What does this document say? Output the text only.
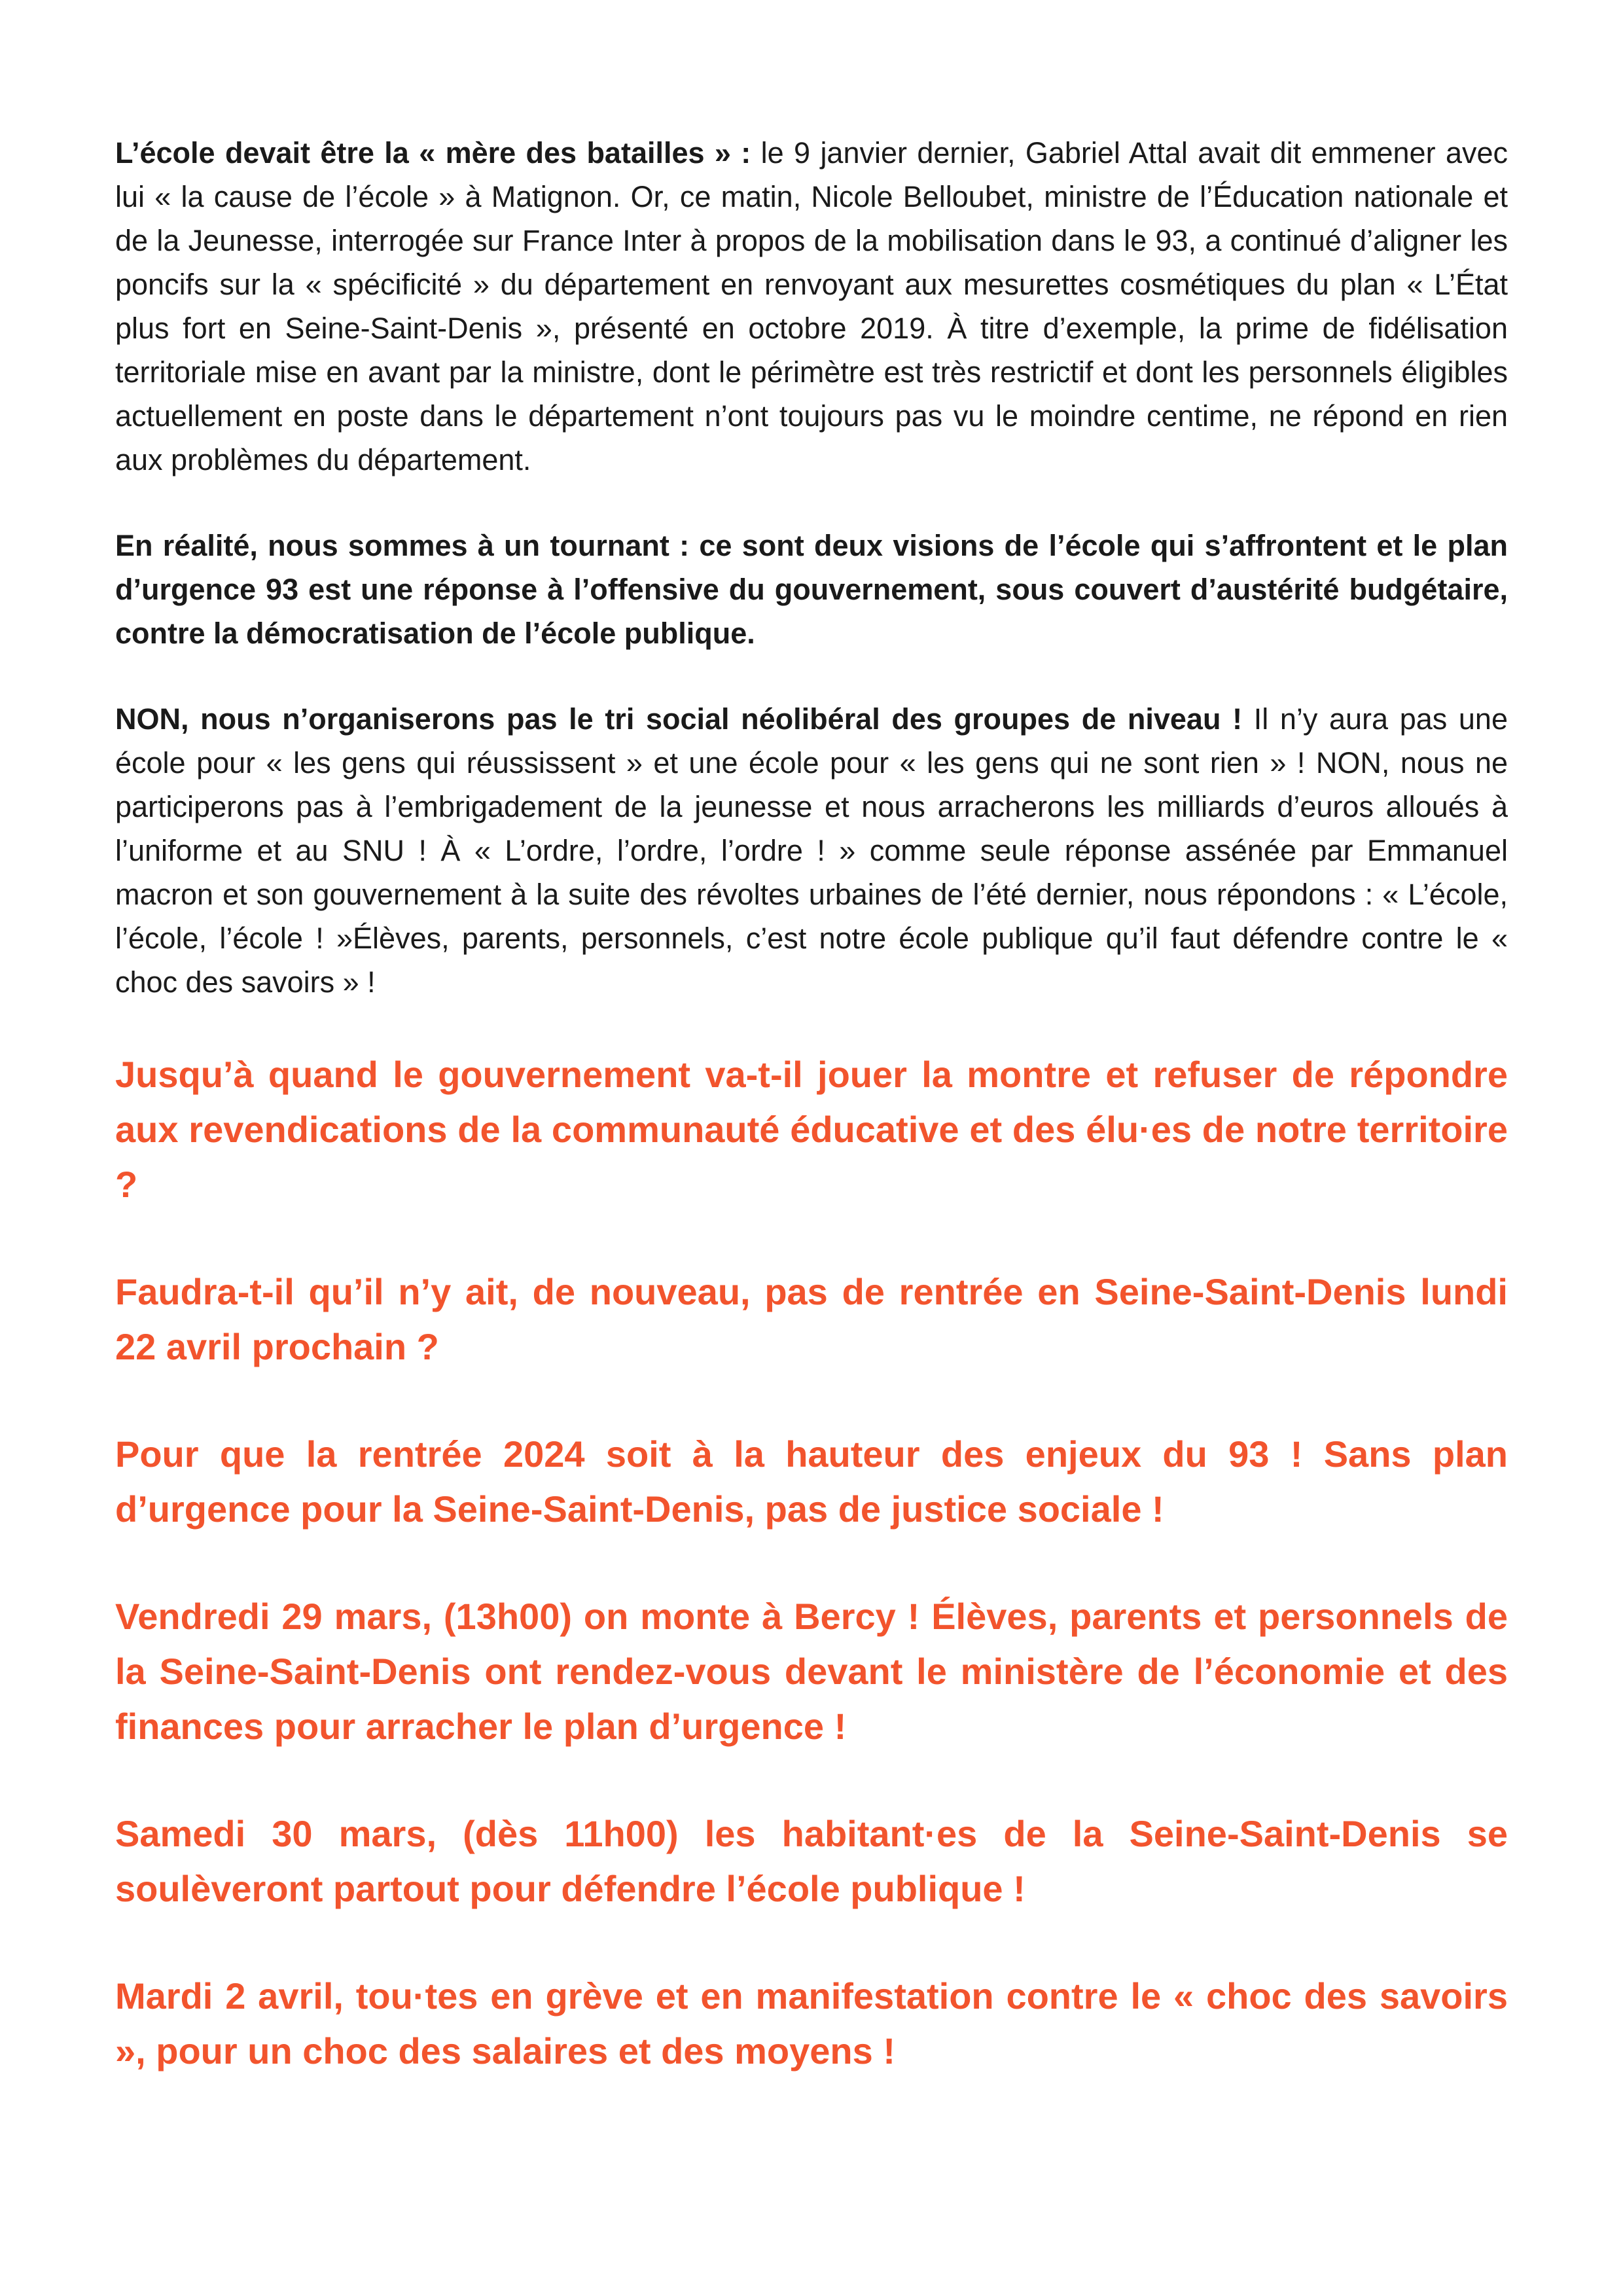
L’école devait être la « mère des batailles » : le 9 janvier dernier, Gabriel Attal avait dit emmener avec lui « la cause de l’école » à Matignon. Or, ce matin, Nicole Belloubet, ministre de l’Éducation nationale et de la Jeunesse, interrogée sur France Inter à propos de la mobilisation dans le 93, a continué d’aligner les poncifs sur la « spécificité » du département en renvoyant aux mesurettes cosmétiques du plan « L’État plus fort en Seine-Saint-Denis », présenté en octobre 2019. À titre d’exemple, la prime de fidélisation territoriale mise en avant par la ministre, dont le périmètre est très restrictif et dont les personnels éligibles actuellement en poste dans le département n’ont toujours pas vu le moindre centime, ne répond en rien aux problèmes du département.

En réalité, nous sommes à un tournant : ce sont deux visions de l’école qui s’affrontent et le plan d’urgence 93 est une réponse à l’offensive du gouvernement, sous couvert d’austérité budgétaire, contre la démocratisation de l’école publique.

NON, nous n’organiserons pas le tri social néolibéral des groupes de niveau ! Il n’y aura pas une école pour « les gens qui réussissent » et une école pour « les gens qui ne sont rien » ! NON, nous ne participerons pas à l’embrigadement de la jeunesse et nous arracherons les milliards d’euros alloués à l’uniforme et au SNU ! À « L’ordre, l’ordre, l’ordre ! » comme seule réponse assénée par Emmanuel macron et son gouvernement à la suite des révoltes urbaines de l’été dernier, nous répondons : « L’école, l’école, l’école ! »Élèves, parents, personnels, c’est notre école publique qu’il faut défendre contre le « choc des savoirs » !

Jusqu’à quand le gouvernement va-t-il jouer la montre et refuser de répondre aux revendications de la communauté éducative et des élu·es de notre territoire ?

Faudra-t-il qu’il n’y ait, de nouveau, pas de rentrée en Seine-Saint-Denis lundi 22 avril prochain ?

Pour que la rentrée 2024 soit à la hauteur des enjeux du 93 ! Sans plan d’urgence pour la Seine-Saint-Denis, pas de justice sociale !

Vendredi 29 mars, (13h00) on monte à Bercy ! Élèves, parents et personnels de la Seine-Saint-Denis ont rendez-vous devant le ministère de l’économie et des finances pour arracher le plan d’urgence !

Samedi 30 mars, (dès 11h00) les habitant·es de la Seine-Saint-Denis se soulèveront partout pour défendre l’école publique !

Mardi 2 avril, tou·tes en grève et en manifestation contre le « choc des savoirs », pour un choc des salaires et des moyens !
